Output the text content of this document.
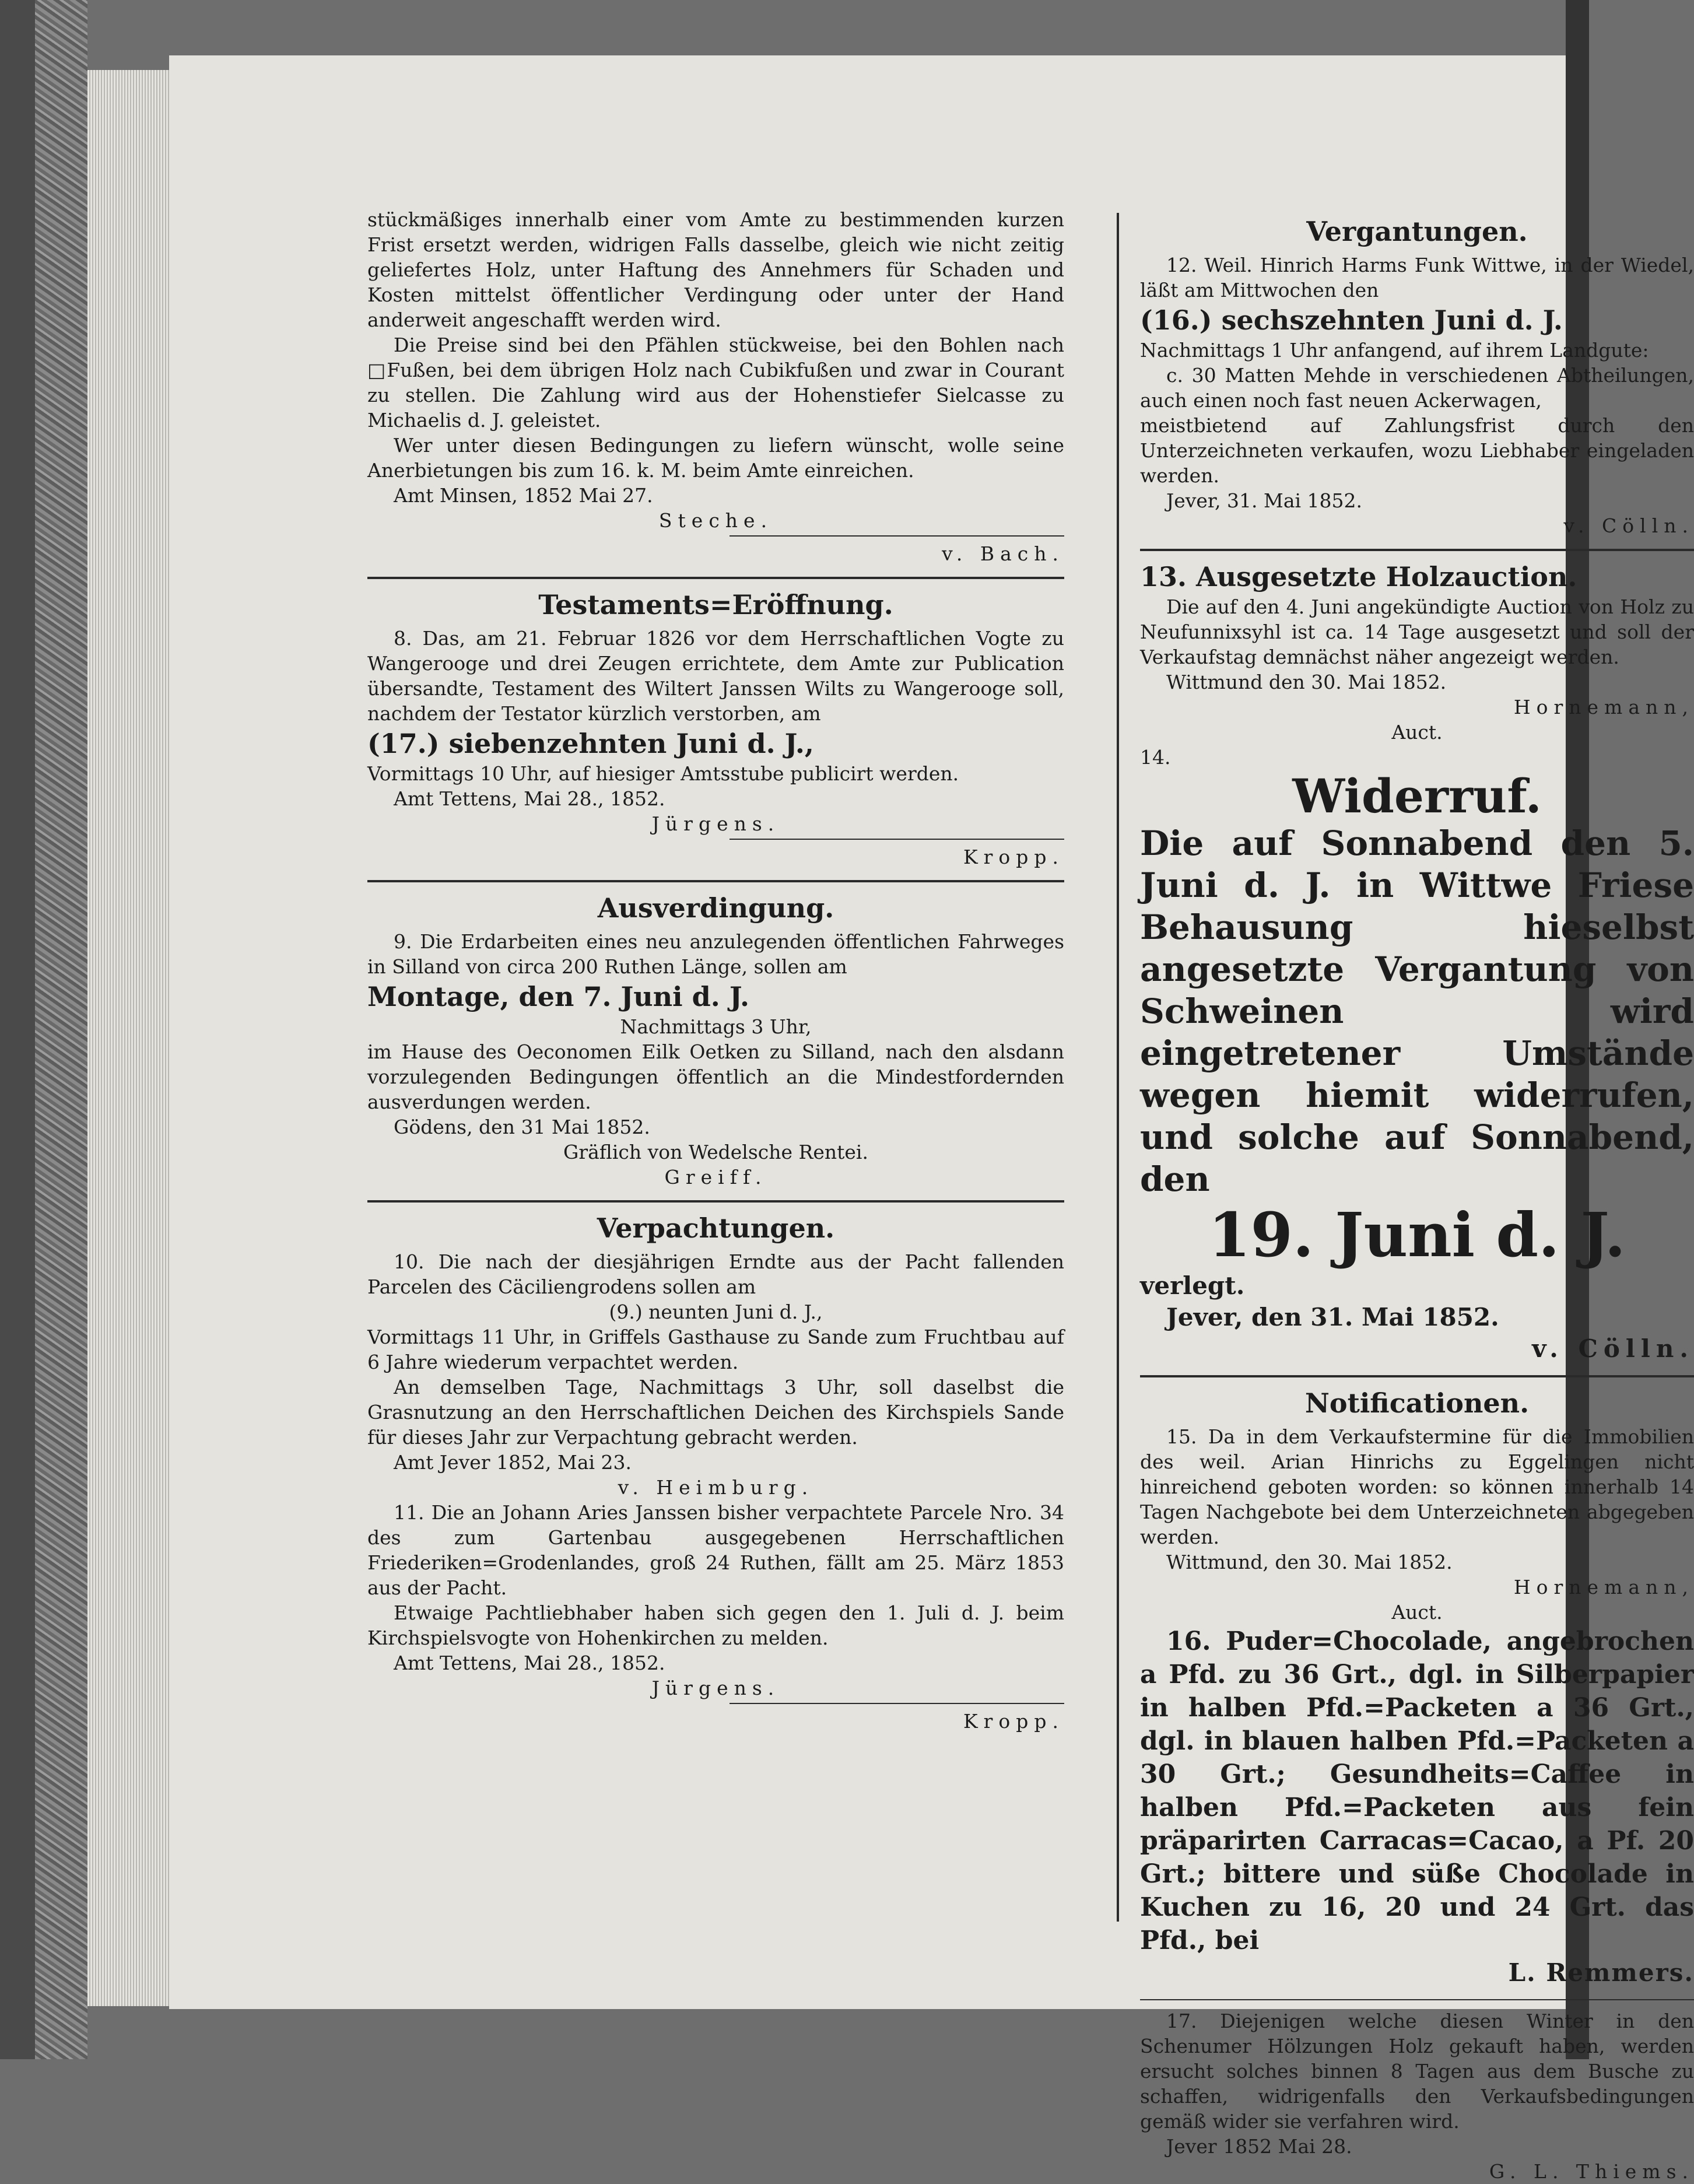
stückmäßiges innerhalb einer vom Amte zu bestimmenden kurzen Frist ersetzt werden, widrigen Falls dasselbe, gleich wie nicht zeitig geliefertes Holz, unter Haftung des Annehmers für Schaden und Kosten mittelst öffentlicher Verdingung oder unter der Hand anderweit angeschafft werden wird.

Die Preise sind bei den Pfählen stückweise, bei den Bohlen nach □Fußen, bei dem übrigen Holz nach Cubikfußen und zwar in Courant zu stellen. Die Zahlung wird aus der Hohenstiefer Sielcasse zu Michaelis d. J. geleistet.

Wer unter diesen Bedingungen zu liefern wünscht, wolle seine Anerbietungen bis zum 16. k. M. beim Amte einreichen.

Amt Minsen, 1852 Mai 27.

Steche.

v. Bach.

Testaments=Eröffnung.

8. Das, am 21. Februar 1826 vor dem Herrschaftlichen Vogte zu Wangerooge und drei Zeugen errichtete, dem Amte zur Publication übersandte, Testament des Wiltert Janssen Wilts zu Wangerooge soll, nachdem der Testator kürzlich verstorben, am

(17.) siebenzehnten Juni d. J.,

Vormittags 10 Uhr, auf hiesiger Amtsstube publicirt werden.

Amt Tettens, Mai 28., 1852.

Jürgens.

Kropp.

Ausverdingung.

9. Die Erdarbeiten eines neu anzulegenden öffentlichen Fahrweges in Silland von circa 200 Ruthen Länge, sollen am

Montage, den 7. Juni d. J.

Nachmittags 3 Uhr,

im Hause des Oeconomen Eilk Oetken zu Silland, nach den alsdann vorzulegenden Bedingungen öffentlich an die Mindestfordernden ausverdungen werden.

Gödens, den 31 Mai 1852.

Gräflich von Wedelsche Rentei.

Greiff.

Verpachtungen.

10. Die nach der diesjährigen Erndte aus der Pacht fallenden Parcelen des Cäciliengrodens sollen am

(9.) neunten Juni d. J.,

Vormittags 11 Uhr, in Griffels Gasthause zu Sande zum Fruchtbau auf 6 Jahre wiederum verpachtet werden.

An demselben Tage, Nachmittags 3 Uhr, soll daselbst die Grasnutzung an den Herrschaftlichen Deichen des Kirchspiels Sande für dieses Jahr zur Verpachtung gebracht werden.

Amt Jever 1852, Mai 23.

v. Heimburg.

11. Die an Johann Aries Janssen bisher verpachtete Parcele Nro. 34 des zum Gartenbau ausgegebenen Herrschaftlichen Friederiken=Grodenlandes, groß 24 Ruthen, fällt am 25. März 1853 aus der Pacht.

Etwaige Pachtliebhaber haben sich gegen den 1. Juli d. J. beim Kirchspielsvogte von Hohenkirchen zu melden.

Amt Tettens, Mai 28., 1852.

Jürgens.

Kropp.

Vergantungen.

12. Weil. Hinrich Harms Funk Wittwe, in der Wiedel, läßt am Mittwochen den

(16.) sechszehnten Juni d. J.

Nachmittags 1 Uhr anfangend, auf ihrem Landgute:

c. 30 Matten Mehde in verschiedenen Abtheilungen, auch einen noch fast neuen Ackerwagen,

meistbietend auf Zahlungsfrist durch den Unterzeichneten verkaufen, wozu Liebhaber eingeladen werden.

Jever, 31. Mai 1852.

v. Cölln.

13. Ausgesetzte Holzauction.

Die auf den 4. Juni angekündigte Auction von Holz zu Neufunnixsyhl ist ca. 14 Tage ausgesetzt und soll der Verkaufstag demnächst näher angezeigt werden.

Wittmund den 30. Mai 1852.

Hornemann,

Auct.

14.

Widerruf.

Die auf Sonnabend den 5. Juni d. J. in Wittwe Friese Behausung hieselbst angesetzte Vergantung von Schweinen wird eingetretener Umstände wegen hiemit widerrufen, und solche auf Sonnabend, den

19. Juni d. J.

verlegt.

Jever, den 31. Mai 1852.

v. Cölln.

Notificationen.

15. Da in dem Verkaufstermine für die Immobilien des weil. Arian Hinrichs zu Eggelingen nicht hinreichend geboten worden: so können innerhalb 14 Tagen Nachgebote bei dem Unterzeichneten abgegeben werden.

Wittmund, den 30. Mai 1852.

Hornemann,

Auct.

16. Puder=Chocolade, angebrochen a Pfd. zu 36 Grt., dgl. in Silberpapier in halben Pfd.=Packeten a 36 Grt., dgl. in blauen halben Pfd.=Packeten a 30 Grt.; Gesundheits=Caffee in halben Pfd.=Packeten aus fein präparirten Carracas=Cacao, a Pf. 20 Grt.; bittere und süße Chocolade in Kuchen zu 16, 20 und 24 Grt. das Pfd., bei

L. Remmers.

17. Diejenigen welche diesen Winter in den Schenumer Hölzungen Holz gekauft haben, werden ersucht solches binnen 8 Tagen aus dem Busche zu schaffen, widrigenfalls den Verkaufsbedingungen gemäß wider sie verfahren wird.

Jever 1852 Mai 28.

G. L. Thiems.
